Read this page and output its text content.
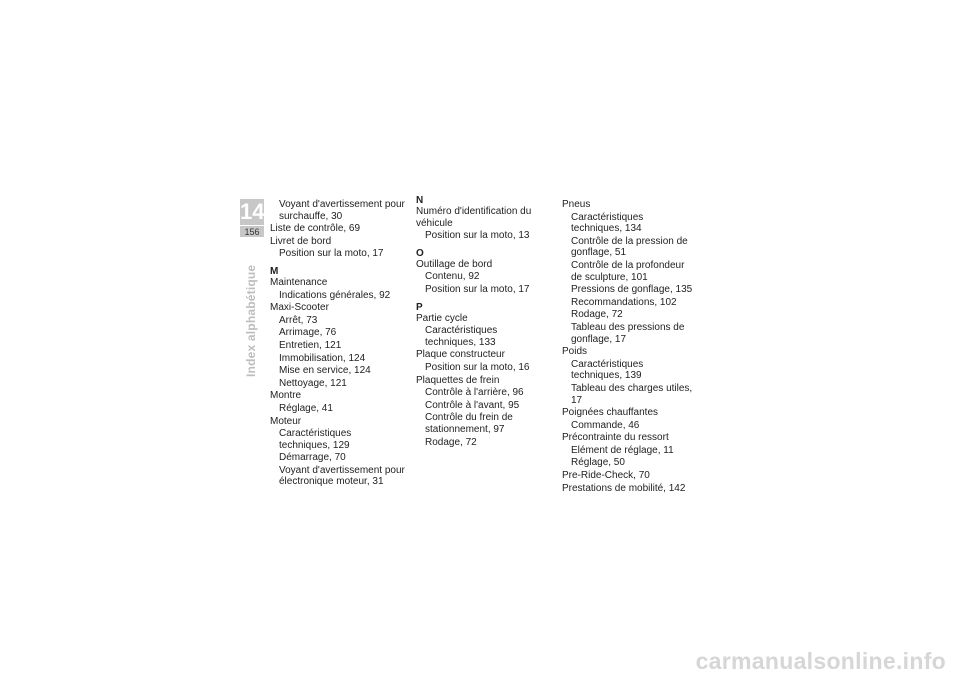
14
156
Index alphabétique
Voyant d'avertissement pour surchauffe, 30
Liste de contrôle, 69
Livret de bord
Position sur la moto, 17
M
Maintenance
Indications générales, 92
Maxi-Scooter
Arrêt, 73
Arrimage, 76
Entretien, 121
Immobilisation, 124
Mise en service, 124
Nettoyage, 121
Montre
Réglage, 41
Moteur
Caractéristiques techniques, 129
Démarrage, 70
Voyant d'avertissement pour électronique moteur, 31
N
Numéro d'identification du véhicule
Position sur la moto, 13
O
Outillage de bord
Contenu, 92
Position sur la moto, 17
P
Partie cycle
Caractéristiques techniques, 133
Plaque constructeur
Position sur la moto, 16
Plaquettes de frein
Contrôle à l'arrière, 96
Contrôle à l'avant, 95
Contrôle du frein de stationnement, 97
Rodage, 72
Pneus
Caractéristiques techniques, 134
Contrôle de la pression de gonflage, 51
Contrôle de la profondeur de sculpture, 101
Pressions de gonflage, 135
Recommandations, 102
Rodage, 72
Tableau des pressions de gonflage, 17
Poids
Caractéristiques techniques, 139
Tableau des charges utiles, 17
Poignées chauffantes
Commande, 46
Précontrainte du ressort
Elément de réglage, 11
Réglage, 50
Pre-Ride-Check, 70
Prestations de mobilité, 142
carmanualsonline.info
